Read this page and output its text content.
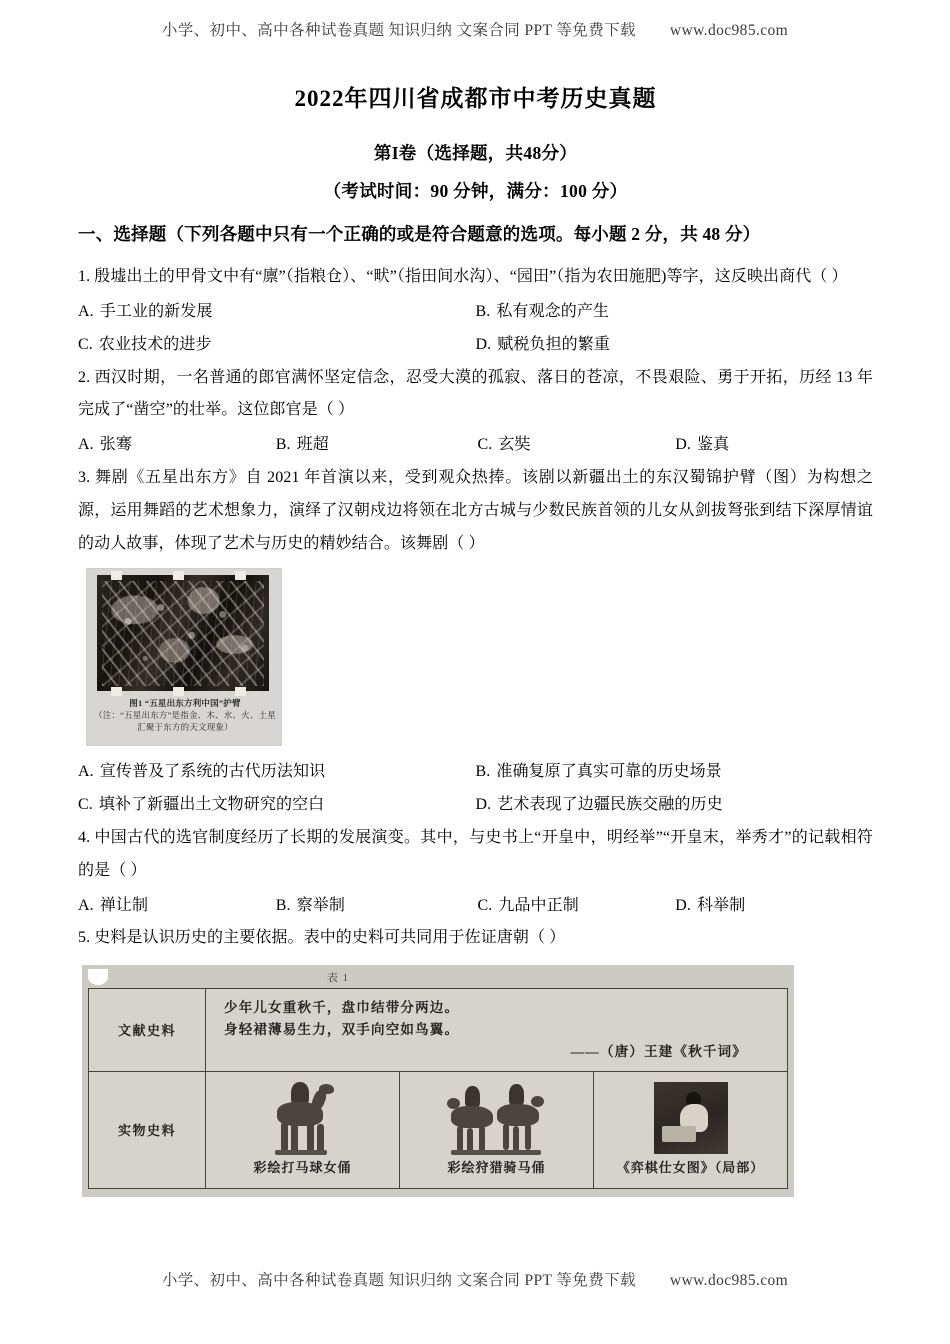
小学、初中、高中各种试卷真题 知识归纳 文案合同 PPT 等免费下载 www.doc985.com
2022年四川省成都市中考历史真题
第I卷（选择题，共48分）
（考试时间：90 分钟，满分：100 分）
一、选择题（下列各题中只有一个正确的或是符合题意的选项。每小题 2 分，共 48 分）

1. 殷墟出土的甲骨文中有“廪”（指粮仓）、“畎”（指田间水沟）、“园田”（指为农田施肥)等字，这反映出商代（ ）

A. 手工业的新发展	B. 私有观念的产生
C. 农业技术的进步	D. 赋税负担的繁重

2. 西汉时期，一名普通的郎官满怀坚定信念，忍受大漠的孤寂、落日的苍凉，不畏艰险、勇于开拓，历经 13 年完成了“凿空”的壮举。这位郎官是（ ）

A. 张骞	B. 班超	C. 玄奘	D. 鉴真

3. 舞剧《五星出东方》自 2021 年首演以来，受到观众热捧。该剧以新疆出土的东汉蜀锦护臂（图）为构想之源，运用舞蹈的艺术想象力，演绎了汉朝戍边将领在北方古城与少数民族首领的儿女从剑拔弩张到结下深厚情谊的动人故事，体现了艺术与历史的精妙结合。该舞剧（ ）

图1 “五星出东方利中国”护臂
（注：“五星出东方”是指金、木、水、火、土星汇聚于东方的天文现象）
A. 宣传普及了系统的古代历法知识	B. 准确复原了真实可靠的历史场景
C. 填补了新疆出土文物研究的空白	D. 艺术表现了边疆民族交融的历史

4. 中国古代的选官制度经历了长期的发展演变。其中，与史书上“开皇中，明经举”“开皇末，举秀才”的记载相符的是（ ）

A. 禅让制	B. 察举制	C. 九品中正制	D. 科举制

5. 史料是认识历史的主要依据。表中的史料可共同用于佐证唐朝（ ）

表 1
文献史料	少年儿女重秋千，盘巾结带分两边。
身轻裙薄易生力，双手向空如鸟翼。
——（唐）王建《秋千词》		

实物史料	彩绘打马球女俑	彩绘狩猎骑马俑	《弈棋仕女图》（局部）
小学、初中、高中各种试卷真题 知识归纳 文案合同 PPT 等免费下载 www.doc985.com
